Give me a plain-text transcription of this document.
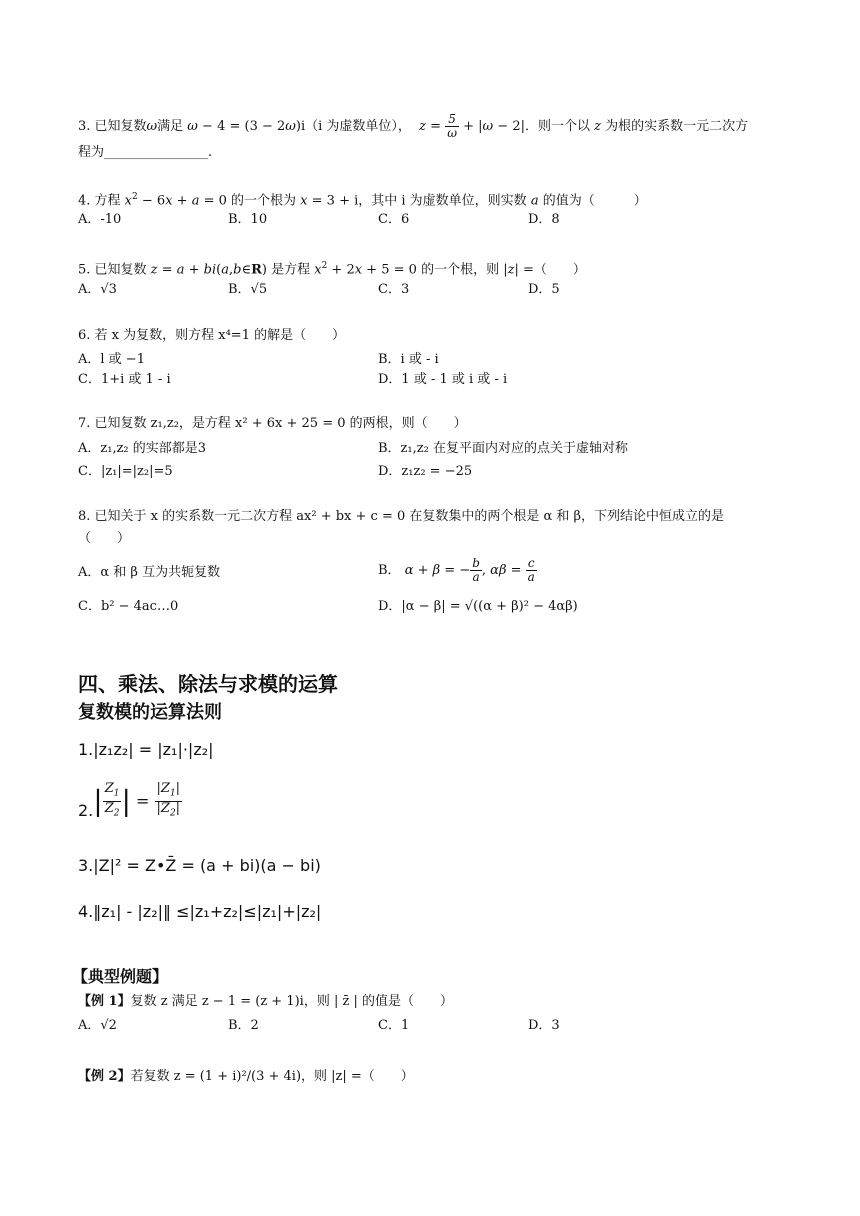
3. 已知复数ω满足 ω − 4 = (3 − 2ω)i（i 为虚数单位），  $z = \frac{5}{\omega} + |\omega - 2|$．则一个以 z 为根的实系数一元二次方
程为________________.
4. 方程 $x^2 - 6x + a = 0$ 的一个根为 x = 3 + i，其中 i 为虚数单位，则实数 a 的值为（　　　）
A．-10	B．10	C．6	D．8
5. 已知复数 z = a + bi(a,b∈R) 是方程 $x^2 + 2x + 5 = 0$ 的一个根，则 |z| =（　　）
A．√3	B．√5	C．3	D．5
6. 若 x 为复数，则方程 x⁴=1 的解是（　　）
A．l 或 −1	B．i 或 - i
C．1+i 或 1 - i	D．1 或 - 1 或 i 或 - i
7. 已知复数 z₁,z₂，是方程 x² + 6x + 25 = 0 的两根，则（　　）
A．z₁,z₂ 的实部都是3	B．z₁,z₂ 在复平面内对应的点关于虚轴对称
C．|z₁|=|z₂|=5	D．z₁z₂ = −25
8. 已知关于 x 的实系数一元二次方程 ax² + bx + c = 0 在复数集中的两个根是 α 和 β，下列结论中恒成立的是
（　　）
A．α 和 β 互为共轭复数	B． α + β = − $\frac{b}{a}$ , $\alpha\beta = \frac{c}{a}$
C．b² − 4ac…0	D．|α − β| = √((α + β)² − 4αβ)
四、乘法、除法与求模的运算
复数模的运算法则
1.|z₁z₂| = |z₁|·|z₂|
$2.| \frac{Z_1}{Z_2}$ | = $\frac{|Z_1|}{|Z_2|}$
3.|Z|² = Z•Z̄ = (a + bi)(a − bi)
4.‖z₁| - |z₂|‖ ≤|z₁+z₂|≤|z₁|+|z₂|
【典型例题】
【例 1】复数 z 满足 z − 1 = (z + 1)i，则 | z̄ | 的值是（　　）
A．√2	B．2	C．1	D．3
【例 2】若复数 z = (1 + i)²/(3 + 4i)，则 |z| =（　　）
